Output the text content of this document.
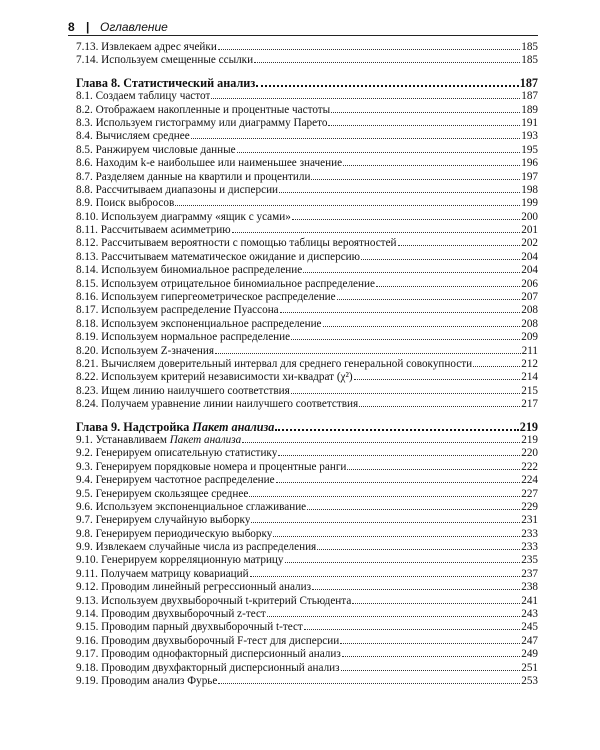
8 | Оглавление
7.13. Извлекаем адрес ячейки	185
7.14. Используем смещенные ссылки	185
Глава 8. Статистический анализ	187
8.1. Создаем таблицу частот	187
8.2. Отображаем накопленные и процентные частоты	189
8.3. Используем гистограмму или диаграмму Парето	191
8.4. Вычисляем среднее	193
8.5. Ранжируем числовые данные	195
8.6. Находим k-е наибольшее или наименьшее значение	196
8.7. Разделяем данные на квартили и процентили	197
8.8. Рассчитываем диапазоны и дисперсии	198
8.9. Поиск выбросов	199
8.10. Используем диаграмму «ящик с усами»	200
8.11. Рассчитываем асимметрию	201
8.12. Рассчитываем вероятности с помощью таблицы вероятностей	202
8.13. Рассчитываем математическое ожидание и дисперсию	204
8.14. Используем биномиальное распределение	204
8.15. Используем отрицательное биномиальное распределение	206
8.16. Используем гипергеометрическое распределение	207
8.17. Используем распределение Пуассона	208
8.18. Используем экспоненциальное распределение	208
8.19. Используем нормальное распределение	209
8.20. Используем Z-значения	211
8.21. Вычисляем доверительный интервал для среднего генеральной совокупности	212
8.22. Используем критерий независимости хи-квадрат (χ²)	214
8.23. Ищем линию наилучшего соответствия	215
8.24. Получаем уравнение линии наилучшего соответствия	217
Глава 9. Надстройка Пакет анализа	219
9.1. Устанавливаем Пакет анализа	219
9.2. Генерируем описательную статистику	220
9.3. Генерируем порядковые номера и процентные ранги	222
9.4. Генерируем частотное распределение	224
9.5. Генерируем скользящее среднее	227
9.6. Используем экспоненциальное сглаживание	229
9.7. Генерируем случайную выборку	231
9.8. Генерируем периодическую выборку	233
9.9. Извлекаем случайные числа из распределения	233
9.10. Генерируем корреляционную матрицу	235
9.11. Получаем матрицу ковариаций	237
9.12. Проводим линейный регрессионный анализ	238
9.13. Используем двухвыборочный t-критерий Стьюдента	241
9.14. Проводим двухвыборочный z-тест	243
9.15. Проводим парный двухвыборочный t-тест	245
9.16. Проводим двухвыборочный F-тест для дисперсии	247
9.17. Проводим однофакторный дисперсионный анализ	249
9.18. Проводим двухфакторный дисперсионный анализ	251
9.19. Проводим анализ Фурье	253
